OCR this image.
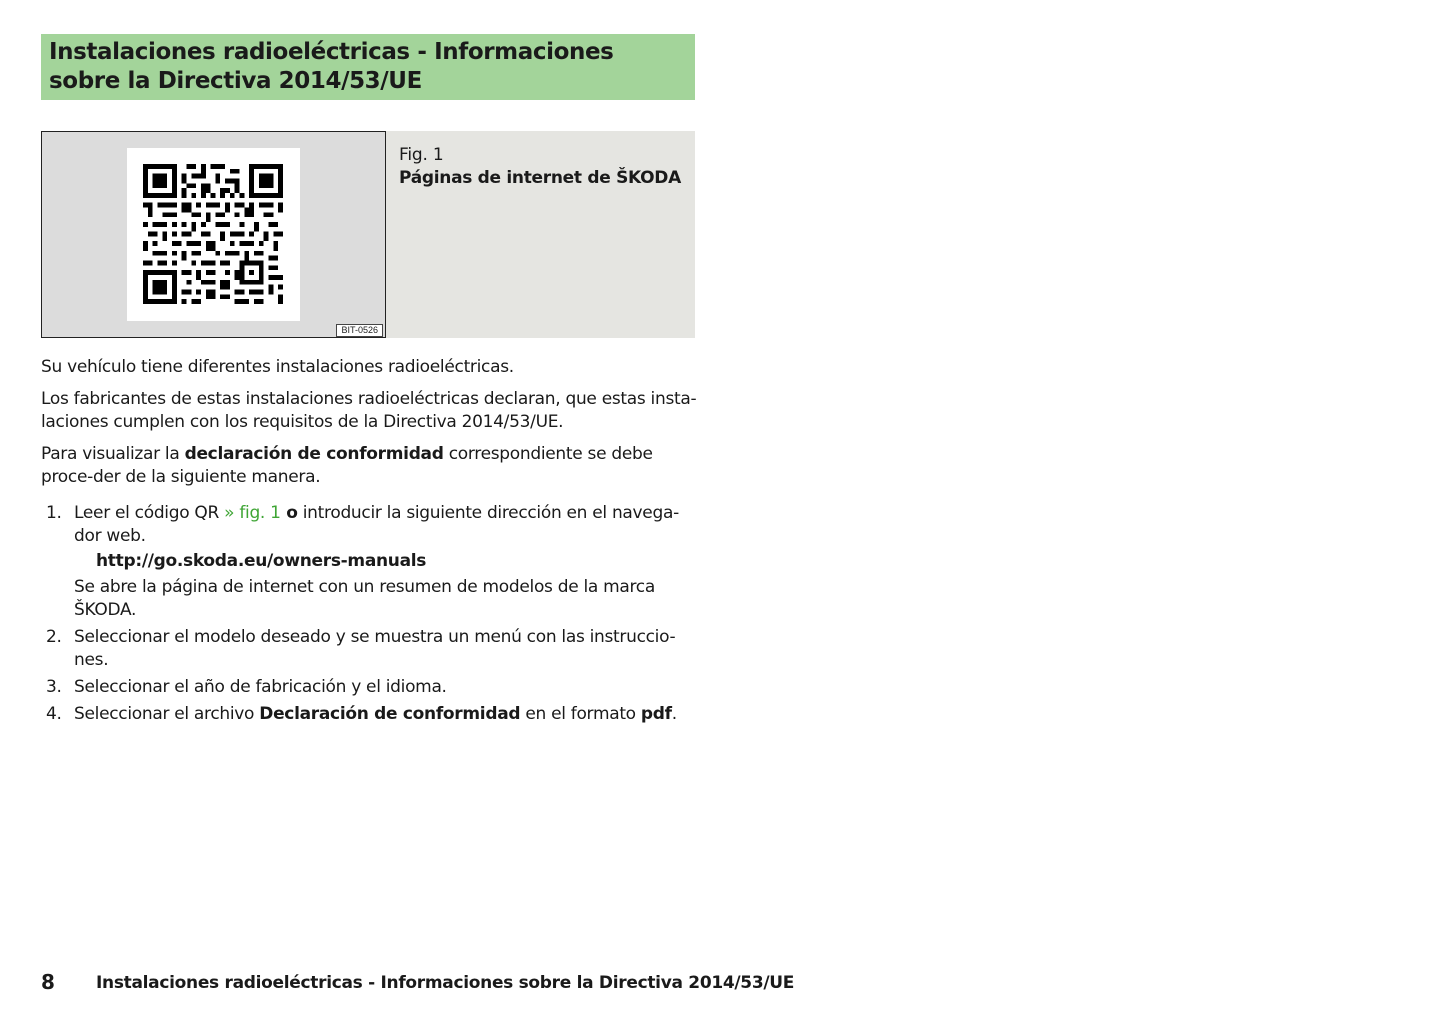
Instalaciones radioeléctricas - Informaciones sobre la Directiva 2014/53/UE
BIT-0526
Fig. 1
Páginas de internet de ŠKODA

Su vehículo tiene diferentes instalaciones radioeléctricas.

Los fabricantes de estas instalaciones radioeléctricas declaran, que estas insta-laciones cumplen con los requisitos de la Directiva 2014/53/UE.

Para visualizar la declaración de conformidad correspondiente se debe proce-der de la siguiente manera.

1. Leer el código QR » fig. 1 o introducir la siguiente dirección en el navega-dor web.
http://go.skoda.eu/owners-manuals
Se abre la página de internet con un resumen de modelos de la marca ŠKODA.
2. Seleccionar el modelo deseado y se muestra un menú con las instruccio-nes.
3. Seleccionar el año de fabricación y el idioma.
4. Seleccionar el archivo Declaración de conformidad en el formato pdf.
8 Instalaciones radioeléctricas - Informaciones sobre la Directiva 2014/53/UE
